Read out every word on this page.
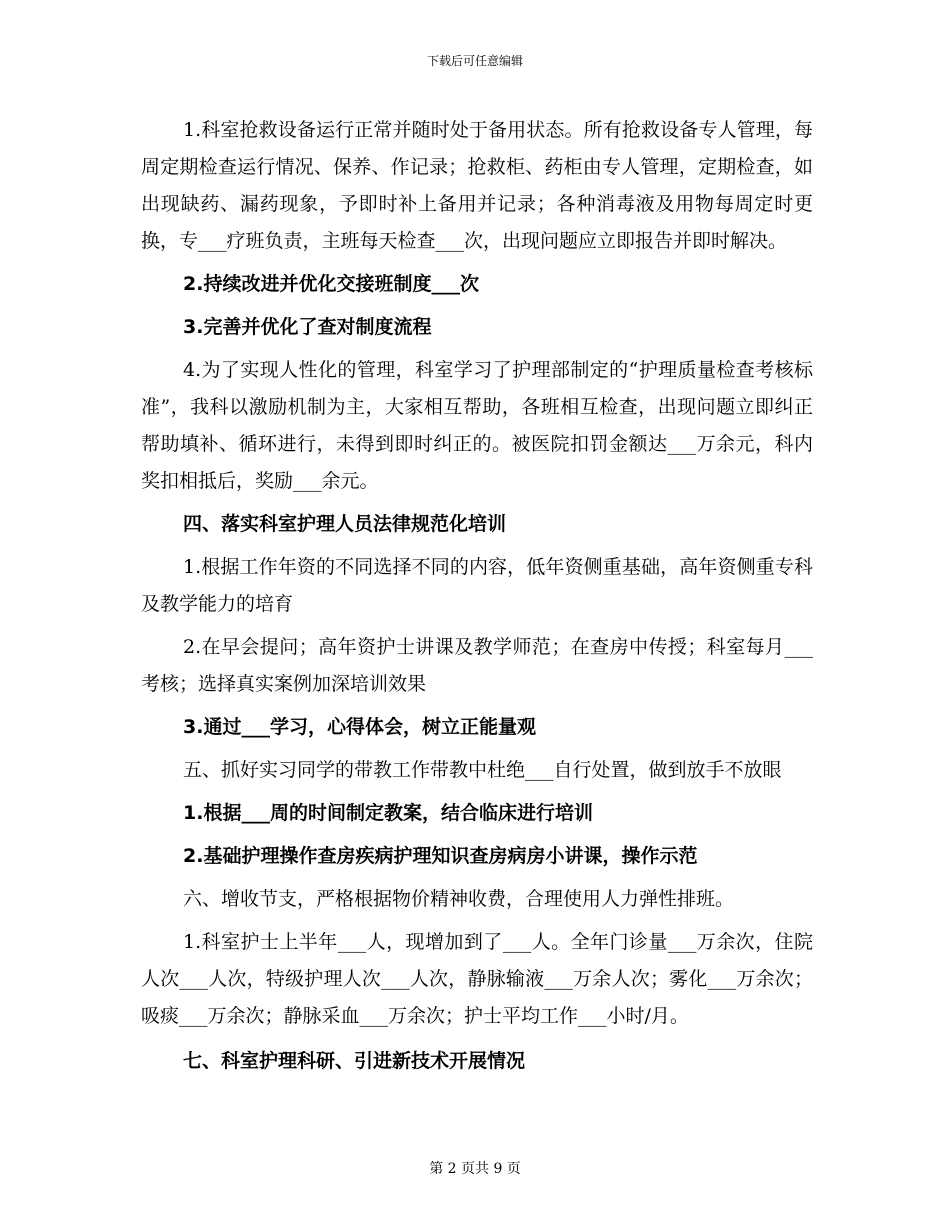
下载后可任意编辑

1.科室抢救设备运行正常并随时处于备用状态。所有抢救设备专人管理，每周定期检查运行情况、保养、作记录；抢救柜、药柜由专人管理，定期检查，如出现缺药、漏药现象，予即时补上备用并记录；各种消毒液及用物每周定时更换，专___疗班负责，主班每天检查___次，出现问题应立即报告并即时解决。

2.持续改进并优化交接班制度___次

3.完善并优化了查对制度流程

4.为了实现人性化的管理，科室学习了护理部制定的“护理质量检查考核标准”，我科以激励机制为主，大家相互帮助，各班相互检查，出现问题立即纠正帮助填补、循环进行，未得到即时纠正的。被医院扣罚金额达___万余元，科内奖扣相抵后，奖励___余元。

四、落实科室护理人员法律规范化培训

1.根据工作年资的不同选择不同的内容，低年资侧重基础，高年资侧重专科及教学能力的培育

2.在早会提问；高年资护士讲课及教学师范；在查房中传授；科室每月___考核；选择真实案例加深培训效果

3.通过___学习，心得体会，树立正能量观

五、抓好实习同学的带教工作带教中杜绝___自行处置，做到放手不放眼

1.根据___周的时间制定教案，结合临床进行培训

2.基础护理操作查房疾病护理知识查房病房小讲课，操作示范

六、增收节支，严格根据物价精神收费，合理使用人力弹性排班。

1.科室护士上半年___人，现增加到了___人。全年门诊量___万余次，住院人次___人次，特级护理人次___人次，静脉输液___万余人次；雾化___万余次；吸痰___万余次；静脉采血___万余次；护士平均工作___小时/月。

七、科室护理科研、引进新技术开展情况

第 2 页共 9 页
